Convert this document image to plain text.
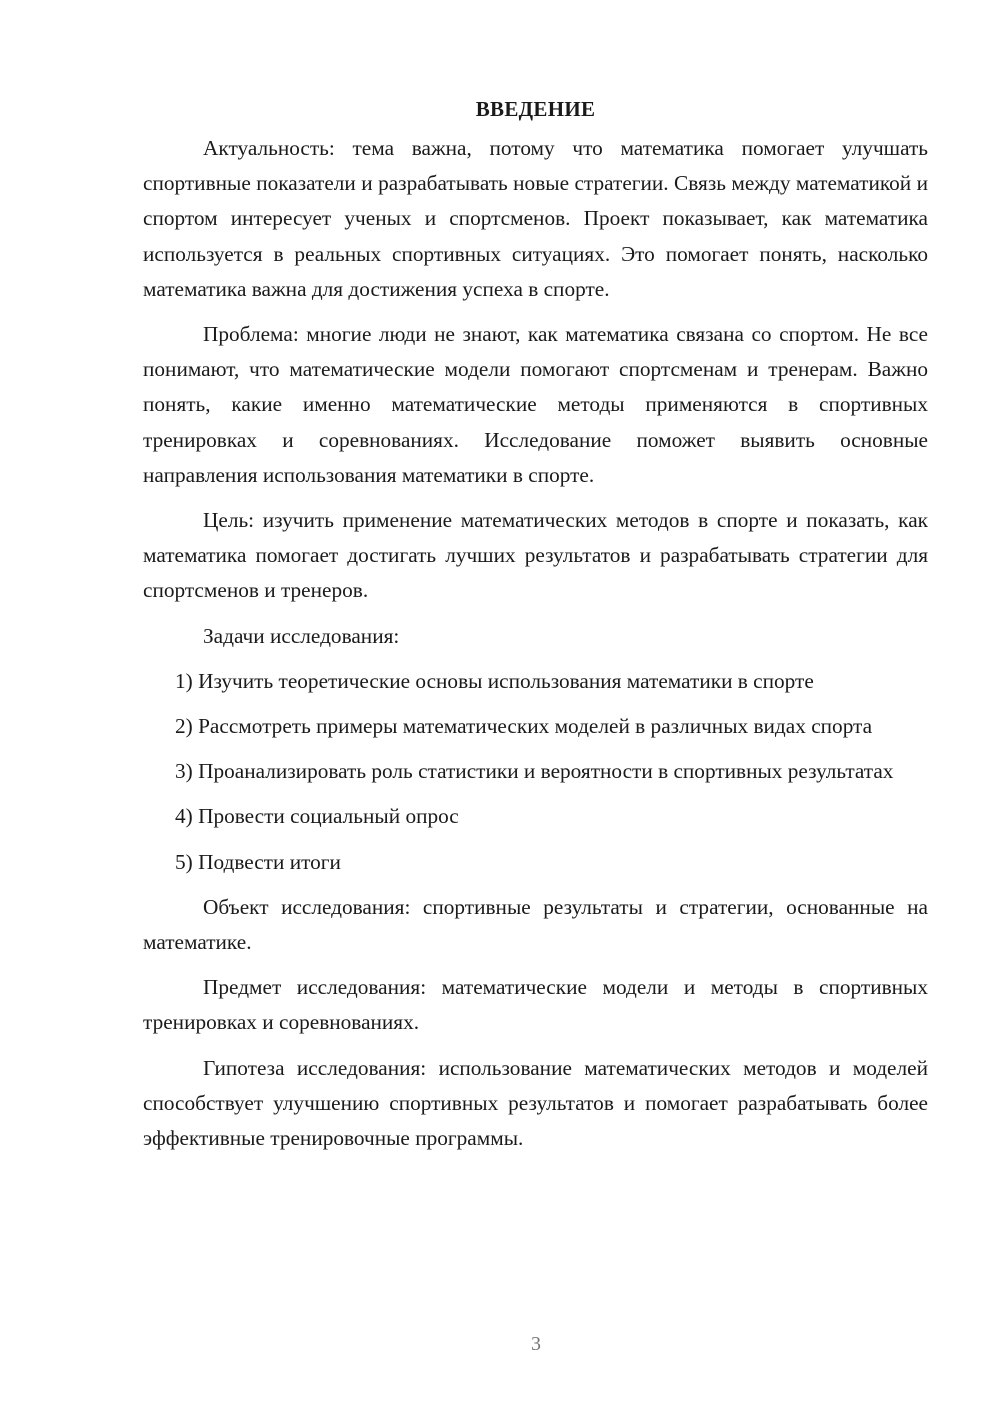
ВВЕДЕНИЕ

Актуальность: тема важна, потому что математика помогает улучшать спортивные показатели и разрабатывать новые стратегии. Связь между математикой и спортом интересует ученых и спортсменов. Проект показывает, как математика используется в реальных спортивных ситуациях. Это помогает понять, насколько математика важна для достижения успеха в спорте.

Проблема: многие люди не знают, как математика связана со спортом. Не все понимают, что математические модели помогают спортсменам и тренерам. Важно понять, какие именно математические методы применяются в спортивных тренировках и соревнованиях. Исследование поможет выявить основные направления использования математики в спорте.

Цель: изучить применение математических методов в спорте и показать, как математика помогает достигать лучших результатов и разрабатывать стратегии для спортсменов и тренеров.

Задачи исследования:

1) Изучить теоретические основы использования математики в спорте

2) Рассмотреть примеры математических моделей в различных видах спорта

3) Проанализировать роль статистики и вероятности в спортивных результатах

4) Провести социальный опрос

5) Подвести итоги

Объект исследования: спортивные результаты и стратегии, основанные на математике.

Предмет исследования: математические модели и методы в спортивных тренировках и соревнованиях.

Гипотеза исследования: использование математических методов и моделей способствует улучшению спортивных результатов и помогает разрабатывать более эффективные тренировочные программы.

3
